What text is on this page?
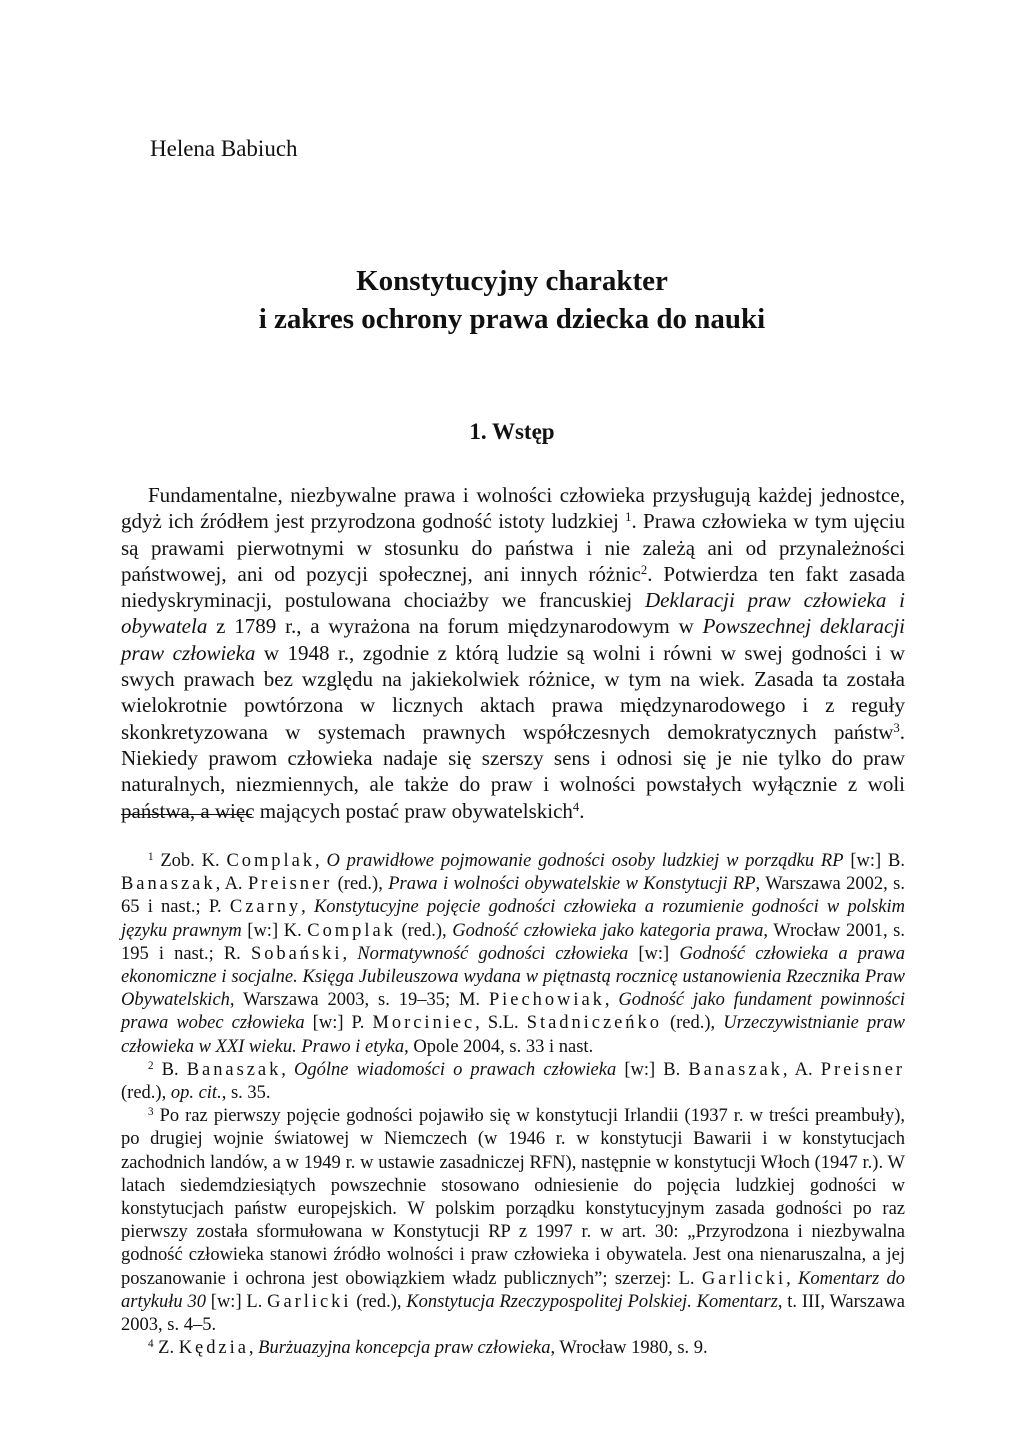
Helena Babiuch
Konstytucyjny charakter
i zakres ochrony prawa dziecka do nauki
1. Wstęp

Fundamentalne, niezbywalne prawa i wolności człowieka przysługują każdej jednostce, gdyż ich źródłem jest przyrodzona godność istoty ludzkiej $^1$. Prawa człowieka w tym ujęciu są prawami pierwotnymi w stosunku do państwa i nie zależą ani od przynależności państwowej, ani od pozycji społecznej, ani innych różnic$^2$. Potwierdza ten fakt zasada niedyskryminacji, postulowana chociażby we francuskiej Deklaracji praw człowieka i obywatela z 1789 r., a wyrażona na forum międzynarodowym w Powszechnej deklaracji praw człowieka w 1948 r., zgodnie z którą ludzie są wolni i równi w swej godności i w swych prawach bez względu na jakiekolwiek różnice, w tym na wiek. Zasada ta została wielokrotnie powtórzona w licznych aktach prawa międzynarodowego i z reguły skonkretyzowana w systemach prawnych współczesnych demokratycznych państw$^3$. Niekiedy prawom człowieka nadaje się szerszy sens i odnosi się je nie tylko do praw naturalnych, niezmiennych, ale także do praw i wolności powstałych wyłącznie z woli państwa, a więc mających postać praw obywatelskich$^4$.

$^1$ Zob. K. Complak, O prawidłowe pojmowanie godności osoby ludzkiej w porządku RP [w:] B. Banaszak, A. Preisner (red.), Prawa i wolności obywatelskie w Konstytucji RP, Warszawa 2002, s. 65 i nast.; P. Czarny, Konstytucyjne pojęcie godności człowieka a rozumienie godności w polskim języku prawnym [w:] K. Complak (red.), Godność człowieka jako kategoria prawa, Wrocław 2001, s. 195 i nast.; R. Sobański, Normatywność godności człowieka [w:] Godność człowieka a prawa ekonomiczne i socjalne. Księga Jubileuszowa wydana w piętnastą rocznicę ustanowienia Rzecznika Praw Obywatelskich, Warszawa 2003, s. 19–35; M. Piechowiak, Godność jako fundament powinności prawa wobec człowieka [w:] P. Morciniec, S.L. Stadniczeńko (red.), Urzeczywistnianie praw człowieka w XXI wieku. Prawo i etyka, Opole 2004, s. 33 i nast.

$^2$ B. Banaszak, Ogólne wiadomości o prawach człowieka [w:] B. Banaszak, A. Preisner (red.), op. cit., s. 35.

$^3$ Po raz pierwszy pojęcie godności pojawiło się w konstytucji Irlandii (1937 r. w treści preambuły), po drugiej wojnie światowej w Niemczech (w 1946 r. w konstytucji Bawarii i w konstytucjach zachodnich landów, a w 1949 r. w ustawie zasadniczej RFN), następnie w konstytucji Włoch (1947 r.). W latach siedemdziesiątych powszechnie stosowano odniesienie do pojęcia ludzkiej godności w konstytucjach państw europejskich. W polskim porządku konstytucyjnym zasada godności po raz pierwszy została sformułowana w Konstytucji RP z 1997 r. w art. 30: „Przyrodzona i niezbywalna godność człowieka stanowi źródło wolności i praw człowieka i obywatela. Jest ona nienaruszalna, a jej poszanowanie i ochrona jest obowiązkiem władz publicznych”; szerzej: L. Garlicki, Komentarz do artykułu 30 [w:] L. Garlicki (red.), Konstytucja Rzeczypospolitej Polskiej. Komentarz, t. III, Warszawa 2003, s. 4–5.

$^4$ Z. Kędzia, Burżuazyjna koncepcja praw człowieka, Wrocław 1980, s. 9.
